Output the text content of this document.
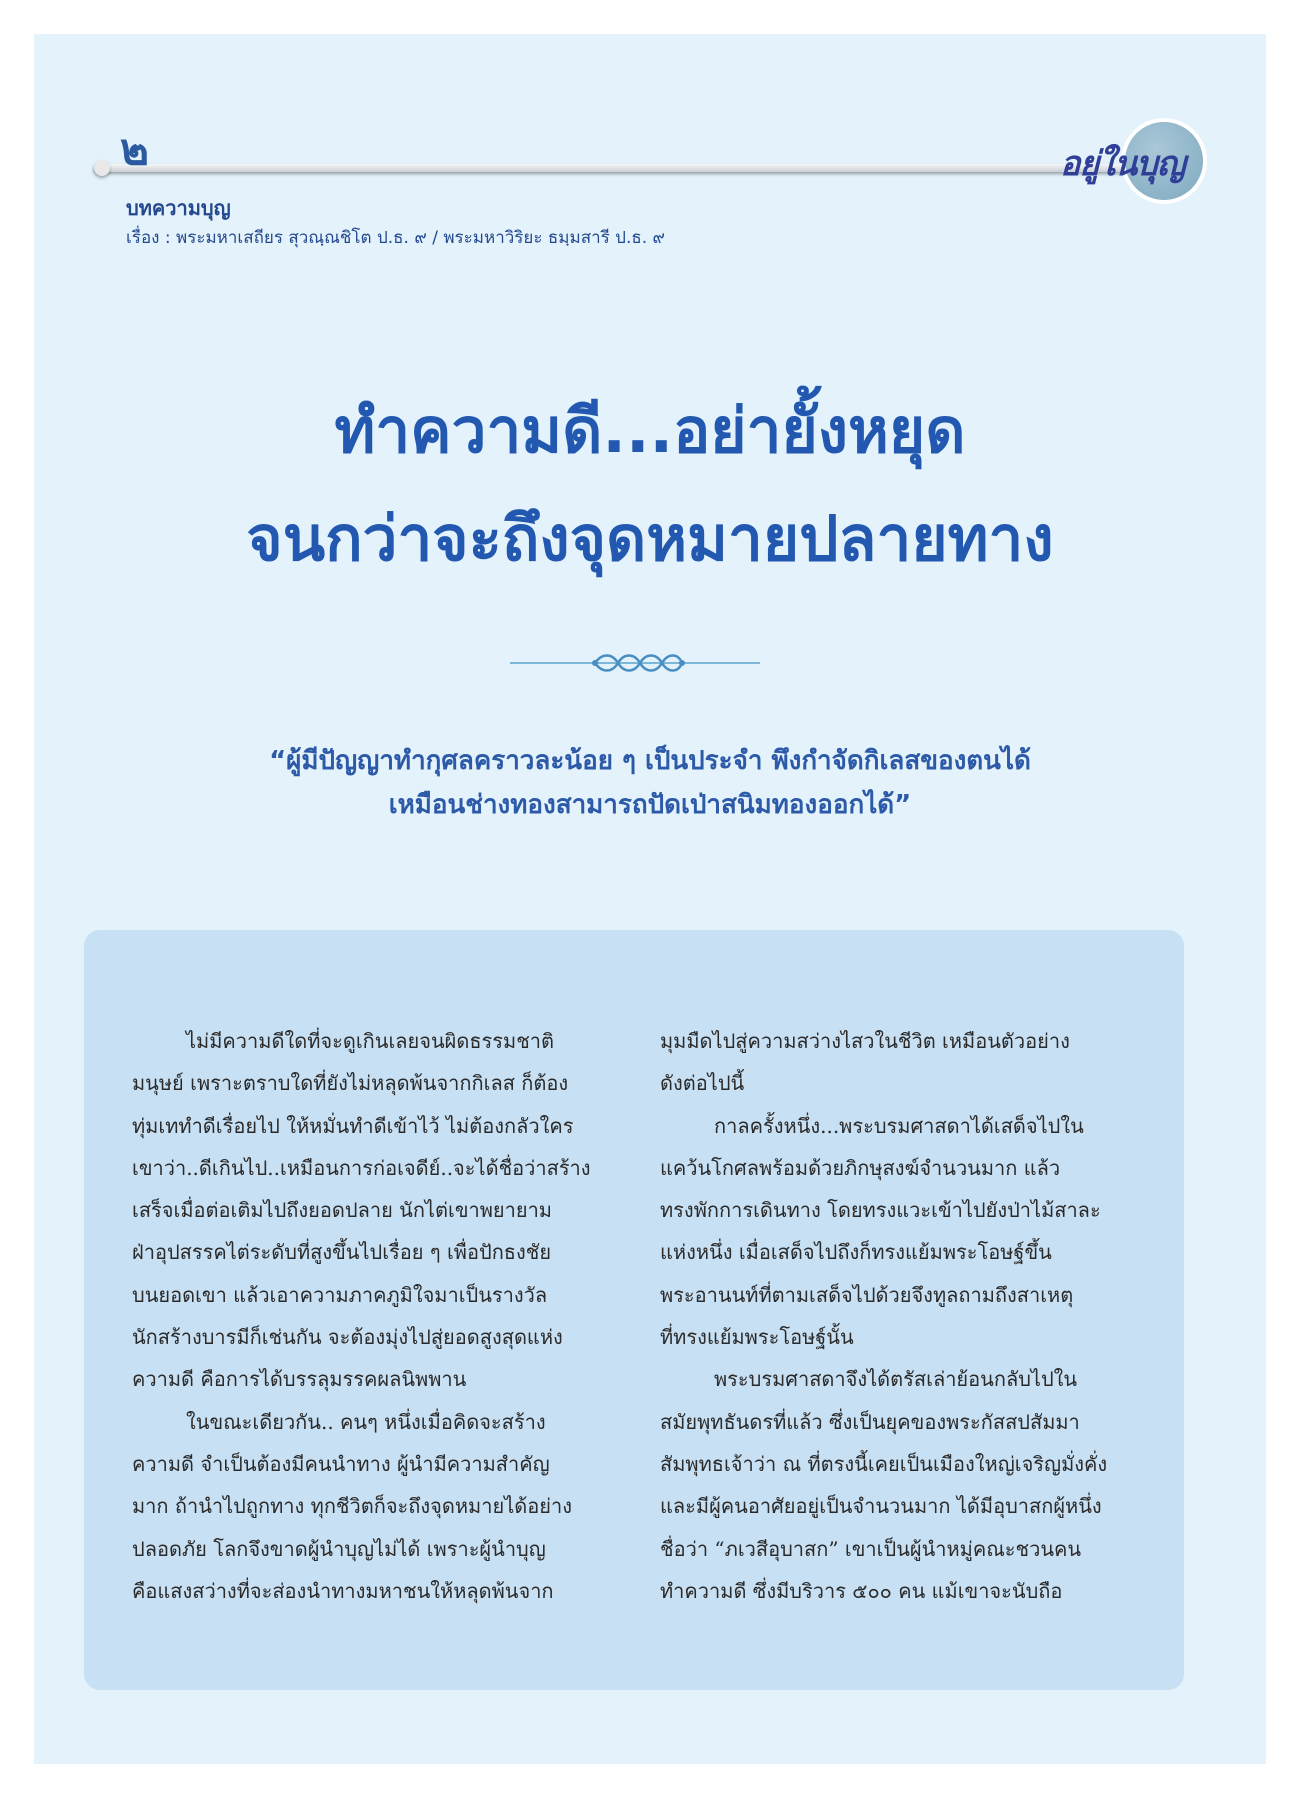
๒	อยู่ในบุญ
บทความบุญ
เรื่อง : พระมหาเสถียร สุวณฺณชิโต ป.ธ. ๙ / พระมหาวิริยะ ธมฺมสารี ป.ธ. ๙
ทำความดี...อย่ายั้งหยุด
จนกว่าจะถึงจุดหมายปลายทาง
“ผู้มีปัญญาทำกุศลคราวละน้อย ๆ เป็นประจำ พึงกำจัดกิเลสของตนได้
เหมือนช่างทองสามารถปัดเป่าสนิมทองออกได้”
ไม่มีความดีใดที่จะดูเกินเลยจนผิดธรรมชาติ
มนุษย์ เพราะตราบใดที่ยังไม่หลุดพ้นจากกิเลส ก็ต้อง
ทุ่มเททำดีเรื่อยไป ให้หมั่นทำดีเข้าไว้ ไม่ต้องกลัวใคร
เขาว่า..ดีเกินไป..เหมือนการก่อเจดีย์..จะได้ชื่อว่าสร้าง
เสร็จเมื่อต่อเติมไปถึงยอดปลาย นักไต่เขาพยายาม
ฝ่าอุปสรรคไต่ระดับที่สูงขึ้นไปเรื่อย ๆ เพื่อปักธงชัย
บนยอดเขา แล้วเอาความภาคภูมิใจมาเป็นรางวัล
นักสร้างบารมีก็เช่นกัน จะต้องมุ่งไปสู่ยอดสูงสุดแห่ง
ความดี คือการได้บรรลุมรรคผลนิพพาน
ในขณะเดียวกัน.. คนๆ หนึ่งเมื่อคิดจะสร้าง
ความดี จำเป็นต้องมีคนนำทาง ผู้นำมีความสำคัญ
มาก ถ้านำไปถูกทาง ทุกชีวิตก็จะถึงจุดหมายได้อย่าง
ปลอดภัย โลกจึงขาดผู้นำบุญไม่ได้ เพราะผู้นำบุญ
คือแสงสว่างที่จะส่องนำทางมหาชนให้หลุดพ้นจาก
มุมมืดไปสู่ความสว่างไสวในชีวิต เหมือนตัวอย่าง
ดังต่อไปนี้
กาลครั้งหนึ่ง...พระบรมศาสดาได้เสด็จไปใน
แคว้นโกศลพร้อมด้วยภิกษุสงฆ์จำนวนมาก แล้ว
ทรงพักการเดินทาง โดยทรงแวะเข้าไปยังป่าไม้สาละ
แห่งหนึ่ง เมื่อเสด็จไปถึงก็ทรงแย้มพระโอษฐ์ขึ้น
พระอานนท์ที่ตามเสด็จไปด้วยจึงทูลถามถึงสาเหตุ
ที่ทรงแย้มพระโอษฐ์นั้น
พระบรมศาสดาจึงได้ตรัสเล่าย้อนกลับไปใน
สมัยพุทธันดรที่แล้ว ซึ่งเป็นยุคของพระกัสสปสัมมา
สัมพุทธเจ้าว่า ณ ที่ตรงนี้เคยเป็นเมืองใหญ่เจริญมั่งคั่ง
และมีผู้คนอาศัยอยู่เป็นจำนวนมาก ได้มีอุบาสกผู้หนึ่ง
ชื่อว่า “ภเวสีอุบาสก” เขาเป็นผู้นำหมู่คณะชวนคน
ทำความดี ซึ่งมีบริวาร ๕๐๐ คน แม้เขาจะนับถือ
